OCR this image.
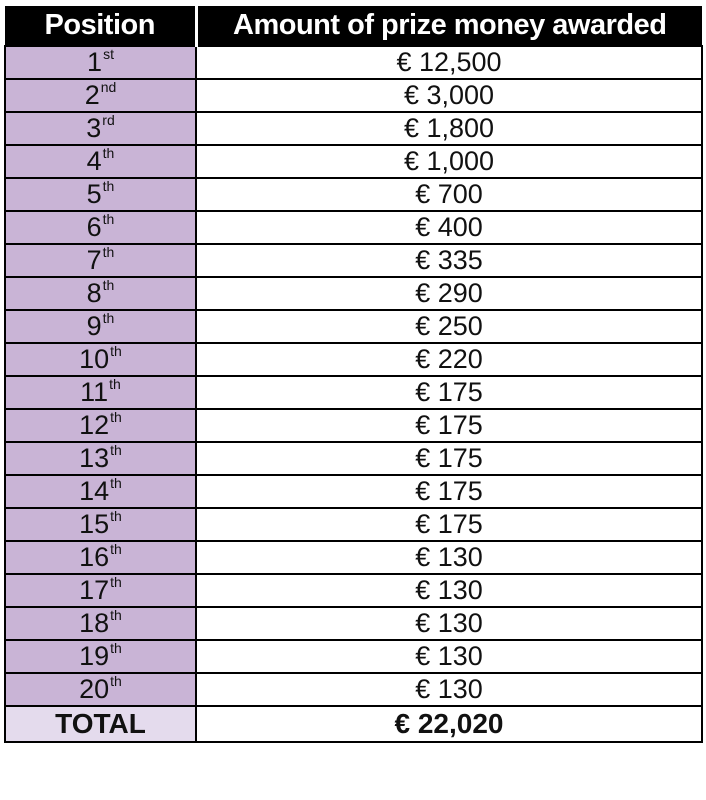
Position	Amount of prize money awarded
1st	€ 12,500
2nd	€ 3,000
3rd	€ 1,800
4th	€ 1,000
5th	€ 700
6th	€ 400
7th	€ 335
8th	€ 290
9th	€ 250
10th	€ 220
11th	€ 175
12th	€ 175
13th	€ 175
14th	€ 175
15th	€ 175
16th	€ 130
17th	€ 130
18th	€ 130
19th	€ 130
20th	€ 130
TOTAL	€ 22,020
